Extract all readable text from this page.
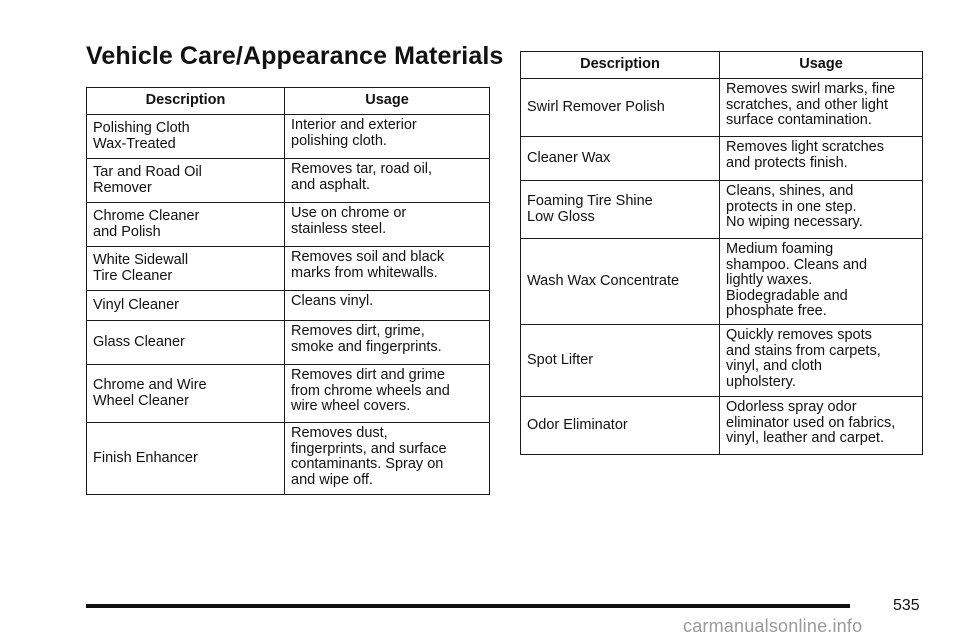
Vehicle Care/Appearance Materials
Description	Usage

Polishing Cloth
Wax-Treated	Interior and exterior
polishing cloth.

Tar and Road Oil
Remover	Removes tar, road oil,
and asphalt.

Chrome Cleaner
and Polish	Use on chrome or
stainless steel.

White Sidewall
Tire Cleaner	Removes soil and black
marks from whitewalls.

Vinyl Cleaner	Cleans vinyl.

Glass Cleaner	Removes dirt, grime,
smoke and fingerprints.

Chrome and Wire
Wheel Cleaner	Removes dirt and grime
from chrome wheels and
wire wheel covers.

Finish Enhancer	Removes dust,
fingerprints, and surface
contaminants. Spray on
and wipe off.
Description	Usage

Swirl Remover Polish	Removes swirl marks, fine
scratches, and other light
surface contamination.

Cleaner Wax	Removes light scratches
and protects finish.

Foaming Tire Shine
Low Gloss	Cleans, shines, and
protects in one step.
No wiping necessary.

Wash Wax Concentrate	Medium foaming
shampoo. Cleans and
lightly waxes.
Biodegradable and
phosphate free.

Spot Lifter	Quickly removes spots
and stains from carpets,
vinyl, and cloth
upholstery.

Odor Eliminator	Odorless spray odor
eliminator used on fabrics,
vinyl, leather and carpet.
535
carmanualsonline.info
